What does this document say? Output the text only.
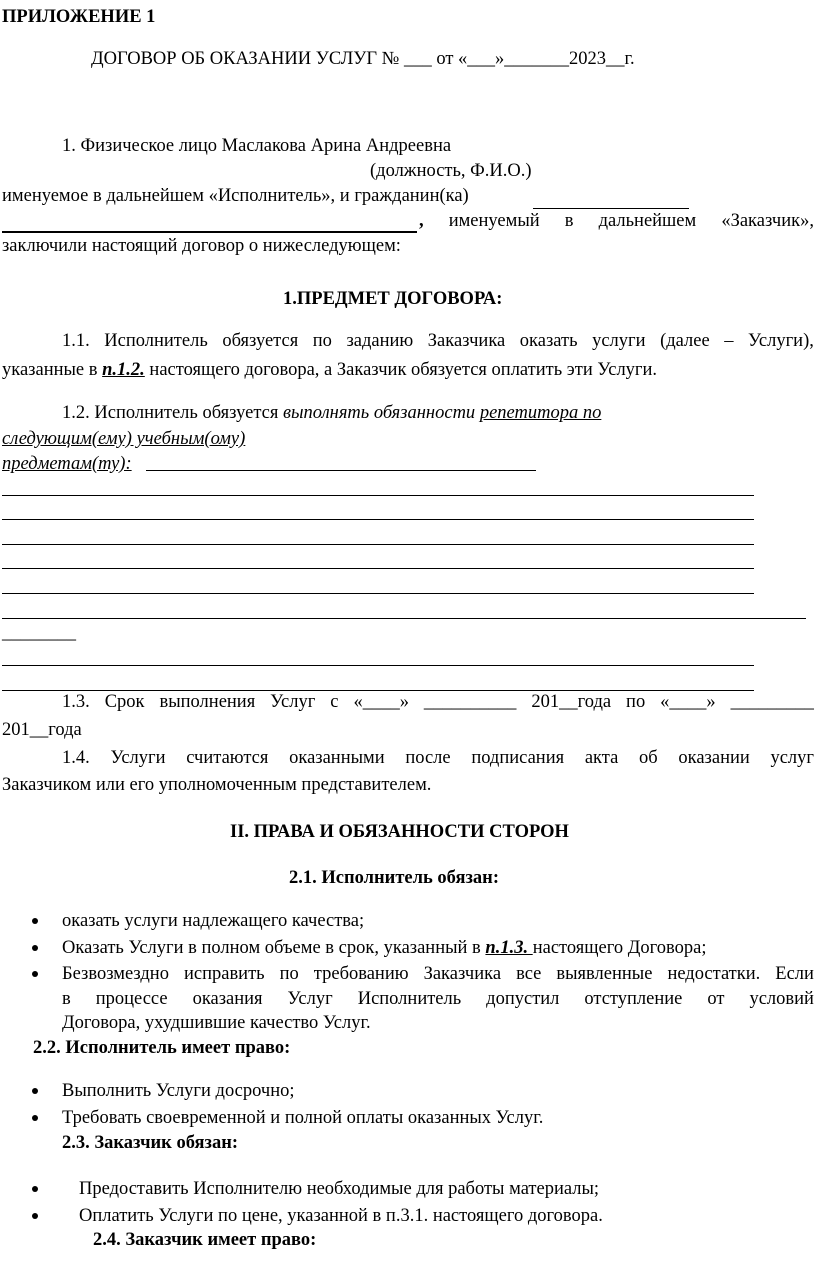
ПРИЛОЖЕНИЕ 1
ДОГОВОР ОБ ОКАЗАНИИ УСЛУГ № ___ от «___»_______2023__г.
1. Физическое лицо Маслакова Арина Андреевна
(должность, Ф.И.О.)
именуемое в дальнейшем «Исполнитель», и гражданин(ка)
, именуемый в дальнейшем «Заказчик»,
заключили настоящий договор о нижеследующем:
1.ПРЕДМЕТ ДОГОВОРА:
1.1. Исполнитель обязуется по заданию Заказчика оказать услуги (далее – Услуги),
указанные в п.1.2. настоящего договора, а Заказчик обязуется оплатить эти Услуги.
1.2. Исполнитель обязуется выполнять обязанности репетитора по
следующим(ему) учебным(ому)
предметам(ту):
________
1.3. Срок выполнения Услуг с «____» __________ 201__года по «____» _________
201__года
1.4. Услуги считаются оказанными после подписания акта об оказании услуг
Заказчиком или его уполномоченным представителем.
II. ПРАВА И ОБЯЗАННОСТИ СТОРОН
2.1. Исполнитель обязан:
оказать услуги надлежащего качества;
Оказать Услуги в полном объеме в срок, указанный в п.1.3. настоящего Договора;
Безвозмездно исправить по требованию Заказчика все выявленные недостатки. Если
в процессе оказания Услуг Исполнитель допустил отступление от условий
Договора, ухудшившие качество Услуг.
2.2. Исполнитель имеет право:
Выполнить Услуги досрочно;
Требовать своевременной и полной оплаты оказанных Услуг.
2.3. Заказчик обязан:
Предоставить Исполнителю необходимые для работы материалы;
Оплатить Услуги по цене, указанной в п.3.1. настоящего договора.
2.4. Заказчик имеет право:
